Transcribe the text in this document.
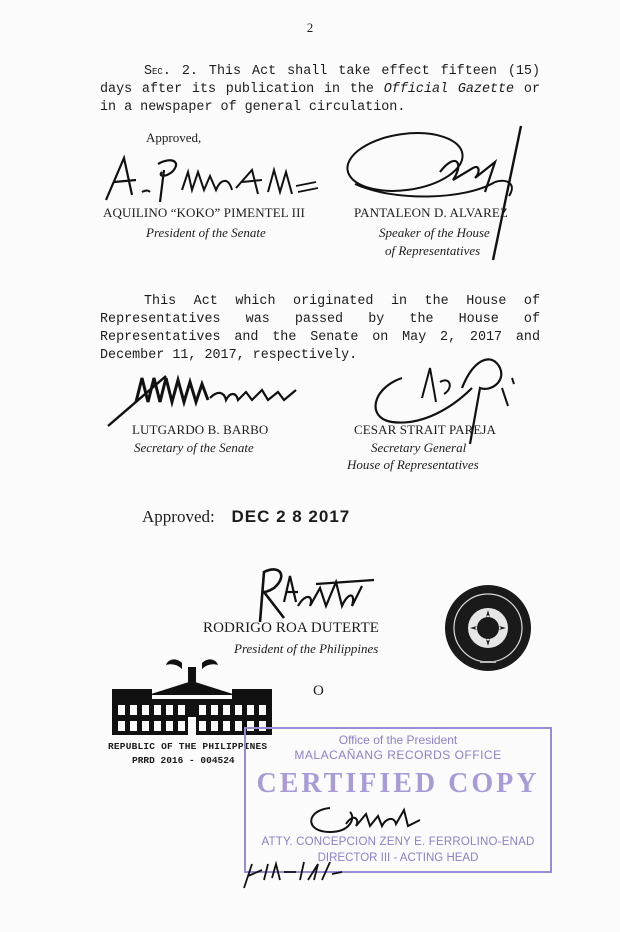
2
Sec. 2. This Act shall take effect fifteen (15) days after its publication in the Official Gazette or in a newspaper of general circulation.
Approved,
AQUILINO “KOKO” PIMENTEL III
President of the Senate
PANTALEON D. ALVAREZ
Speaker of the House
of Representatives
This Act which originated in the House of Representatives was passed by the House of Representatives and the Senate on May 2, 2017 and December 11, 2017, respectively.
LUTGARDO B. BARBO
Secretary of the Senate
CESAR STRAIT PAREJA
Secretary General
House of Representatives
Approved: DEC 2 8 2017
RODRIGO ROA DUTERTE
President of the Philippines
O
REPUBLIC OF THE PHILIPPINES
PRRD 2016 - 004524
Office of the President
MALACAÑANG RECORDS OFFICE
CERTIFIED COPY
ATTY. CONCEPCION ZENY E. FERROLINO-ENAD
DIRECTOR III - ACTING HEAD
